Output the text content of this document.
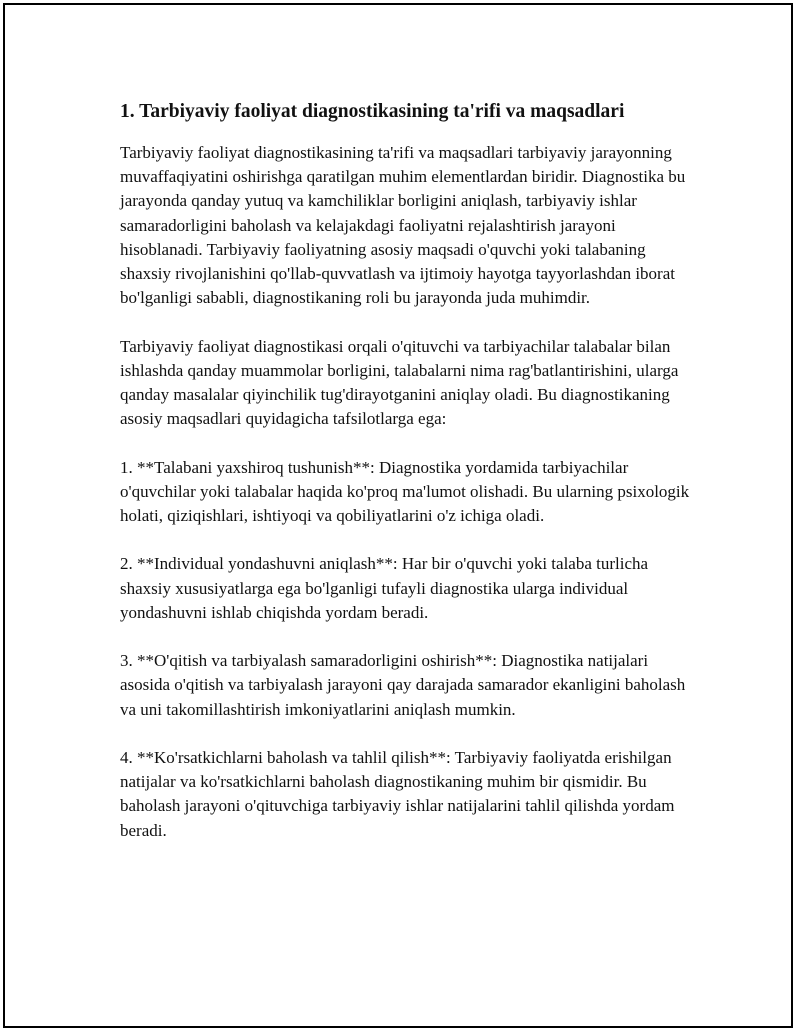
1. Tarbiyaviy faoliyat diagnostikasining ta'rifi va maqsadlari

Tarbiyaviy faoliyat diagnostikasining ta'rifi va maqsadlari tarbiyaviy jarayonning muvaffaqiyatini oshirishga qaratilgan muhim elementlardan biridir. Diagnostika bu jarayonda qanday yutuq va kamchiliklar borligini aniqlash, tarbiyaviy ishlar samaradorligini baholash va kelajakdagi faoliyatni rejalashtirish jarayoni hisoblanadi. Tarbiyaviy faoliyatning asosiy maqsadi o'quvchi yoki talabaning shaxsiy rivojlanishini qo'llab-quvvatlash va ijtimoiy hayotga tayyorlashdan iborat bo'lganligi sababli, diagnostikaning roli bu jarayonda juda muhimdir.

Tarbiyaviy faoliyat diagnostikasi orqali o'qituvchi va tarbiyachilar talabalar bilan ishlashda qanday muammolar borligini, talabalarni nima rag'batlantirishini, ularga qanday masalalar qiyinchilik tug'dirayotganini aniqlay oladi. Bu diagnostikaning asosiy maqsadlari quyidagicha tafsilotlarga ega:

1. **Talabani yaxshiroq tushunish**: Diagnostika yordamida tarbiyachilar o'quvchilar yoki talabalar haqida ko'proq ma'lumot olishadi. Bu ularning psixologik holati, qiziqishlari, ishtiyoqi va qobiliyatlarini o'z ichiga oladi.

2. **Individual yondashuvni aniqlash**: Har bir o'quvchi yoki talaba turlicha shaxsiy xususiyatlarga ega bo'lganligi tufayli diagnostika ularga individual yondashuvni ishlab chiqishda yordam beradi.

3. **O'qitish va tarbiyalash samaradorligini oshirish**: Diagnostika natijalari asosida o'qitish va tarbiyalash jarayoni qay darajada samarador ekanligini baholash va uni takomillashtirish imkoniyatlarini aniqlash mumkin.

4. **Ko'rsatkichlarni baholash va tahlil qilish**: Tarbiyaviy faoliyatda erishilgan natijalar va ko'rsatkichlarni baholash diagnostikaning muhim bir qismidir. Bu baholash jarayoni o'qituvchiga tarbiyaviy ishlar natijalarini tahlil qilishda yordam beradi.
